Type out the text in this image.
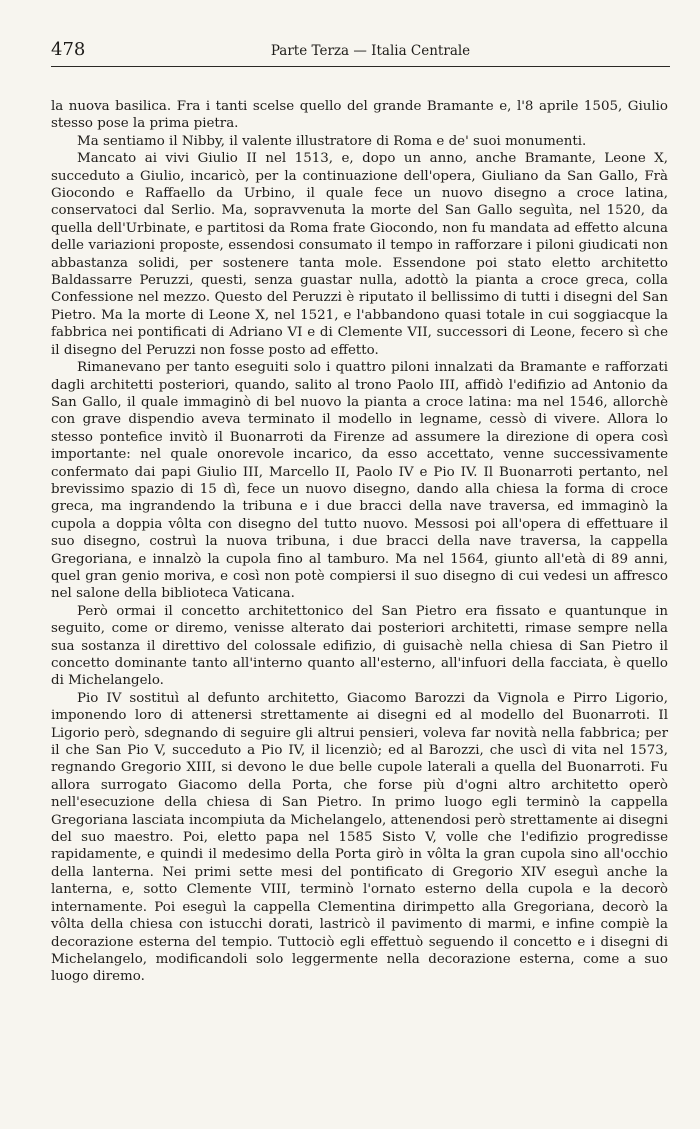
478	Parte Terza — Italia Centrale

la nuova basilica. Fra i tanti scelse quello del grande Bramante e, l'8 aprile 1505, Giulio stesso pose la prima pietra.

Ma sentiamo il Nibby, il valente illustratore di Roma e de' suoi monumenti.

Mancato ai vivi Giulio II nel 1513, e, dopo un anno, anche Bramante, Leone X, succeduto a Giulio, incaricò, per la continuazione dell'opera, Giuliano da San Gallo, Frà Giocondo e Raffaello da Urbino, il quale fece un nuovo disegno a croce latina, conservatoci dal Serlio. Ma, sopravvenuta la morte del San Gallo seguìta, nel 1520, da quella dell'Urbinate, e partitosi da Roma frate Giocondo, non fu mandata ad effetto alcuna delle variazioni proposte, essendosi consumato il tempo in rafforzare i piloni giudicati non abbastanza solidi, per sostenere tanta mole. Essendone poi stato eletto architetto Baldassarre Peruzzi, questi, senza guastar nulla, adottò la pianta a croce greca, colla Confessione nel mezzo. Questo del Peruzzi è riputato il bellissimo di tutti i disegni del San Pietro. Ma la morte di Leone X, nel 1521, e l'abbandono quasi totale in cui soggiacque la fabbrica nei pontificati di Adriano VI e di Clemente VII, successori di Leone, fecero sì che il disegno del Peruzzi non fosse posto ad effetto.

Rimanevano per tanto eseguiti solo i quattro piloni innalzati da Bramante e rafforzati dagli architetti posteriori, quando, salito al trono Paolo III, affidò l'edifizio ad Antonio da San Gallo, il quale immaginò di bel nuovo la pianta a croce latina: ma nel 1546, allorchè con grave dispendio aveva terminato il modello in legname, cessò di vivere. Allora lo stesso pontefice invitò il Buonarroti da Firenze ad assumere la direzione di opera così importante: nel quale onorevole incarico, da esso accettato, venne successivamente confermato dai papi Giulio III, Marcello II, Paolo IV e Pio IV. Il Buonarroti pertanto, nel brevissimo spazio di 15 dì, fece un nuovo disegno, dando alla chiesa la forma di croce greca, ma ingrandendo la tribuna e i due bracci della nave traversa, ed immaginò la cupola a doppia vôlta con disegno del tutto nuovo. Messosi poi all'opera di effettuare il suo disegno, costruì la nuova tribuna, i due bracci della nave traversa, la cappella Gregoriana, e innalzò la cupola fino al tamburo. Ma nel 1564, giunto all'età di 89 anni, quel gran genio moriva, e così non potè compiersi il suo disegno di cui vedesi un affresco nel salone della biblioteca Vaticana.

Però ormai il concetto architettonico del San Pietro era fissato e quantunque in seguito, come or diremo, venisse alterato dai posteriori architetti, rimase sempre nella sua sostanza il direttivo del colossale edifizio, di guisachè nella chiesa di San Pietro il concetto dominante tanto all'interno quanto all'esterno, all'infuori della facciata, è quello di Michelangelo.

Pio IV sostituì al defunto architetto, Giacomo Barozzi da Vignola e Pirro Ligorio, imponendo loro di attenersi strettamente ai disegni ed al modello del Buonarroti. Il Ligorio però, sdegnando di seguire gli altrui pensieri, voleva far novità nella fabbrica; per il che San Pio V, succeduto a Pio IV, il licenziò; ed al Barozzi, che uscì di vita nel 1573, regnando Gregorio XIII, si devono le due belle cupole laterali a quella del Buonarroti. Fu allora surrogato Giacomo della Porta, che forse più d'ogni altro architetto operò nell'esecuzione della chiesa di San Pietro. In primo luogo egli terminò la cappella Gregoriana lasciata incompiuta da Michelangelo, attenendosi però strettamente ai disegni del suo maestro. Poi, eletto papa nel 1585 Sisto V, volle che l'edifizio progredisse rapidamente, e quindi il medesimo della Porta girò in vôlta la gran cupola sino all'occhio della lanterna. Nei primi sette mesi del pontificato di Gregorio XIV eseguì anche la lanterna, e, sotto Clemente VIII, terminò l'ornato esterno della cupola e la decorò internamente. Poi eseguì la cappella Clementina dirimpetto alla Gregoriana, decorò la vôlta della chiesa con istucchi dorati, lastricò il pavimento di marmi, e infine compiè la decorazione esterna del tempio. Tuttociò egli effettuò seguendo il concetto e i disegni di Michelangelo, modificandoli solo leggermente nella decorazione esterna, come a suo luogo diremo.
